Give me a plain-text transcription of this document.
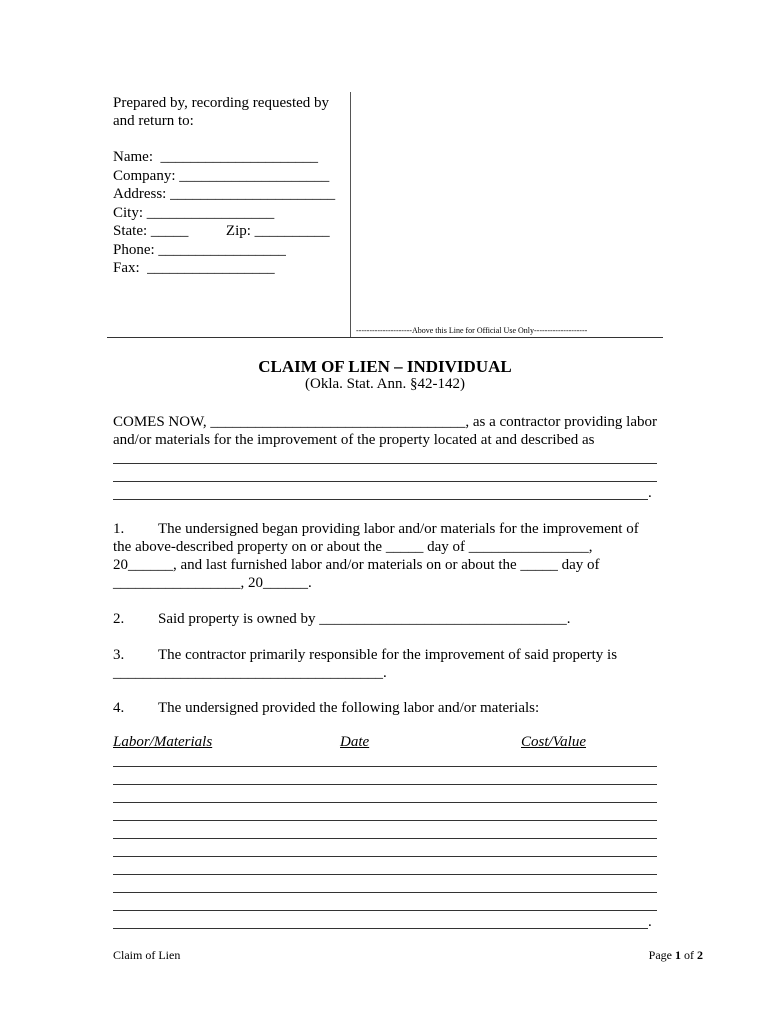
Prepared by, recording requested by
and return to:
Name:  _____________________
Company: ____________________
Address: ______________________
City: _________________
State: _____          Zip: __________
Phone: _________________
Fax:  _________________
---------------------Above this Line for Official Use Only--------------------
CLAIM OF LIEN – INDIVIDUAL
(Okla. Stat. Ann. §42-142)
COMES NOW, __________________________________, as a contractor providing labor
and/or materials for the improvement of the property located at and described as
.
1. The undersigned began providing labor and/or materials for the improvement of
the above-described property on or about the _____ day of ________________,
20______, and last furnished labor and/or materials on or about the _____ day of
_________________, 20______.
2. Said property is owned by _________________________________.
3. The contractor primarily responsible for the improvement of said property is
____________________________________.
4. The undersigned provided the following labor and/or materials:
Labor/Materials	Date	Cost/Value
.
Claim of Lien	Page 1 of 2
